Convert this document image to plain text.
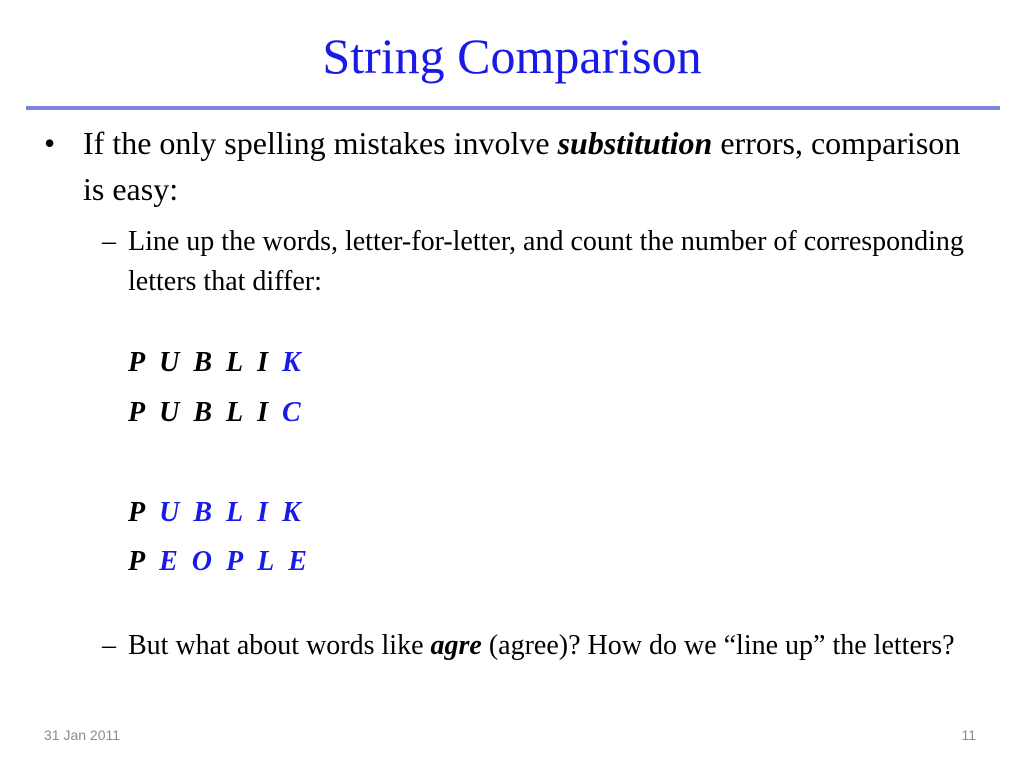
String Comparison
• If the only spelling mistakes involve substitution errors, comparison is easy:
– Line up the words, letter-for-letter, and count the number of corresponding letters that differ:
P U B L I K
P U B L I C
P U B L I K
P E O P L E
– But what about words like agre (agree)? How do we “line up” the letters?
31 Jan 2011	11
